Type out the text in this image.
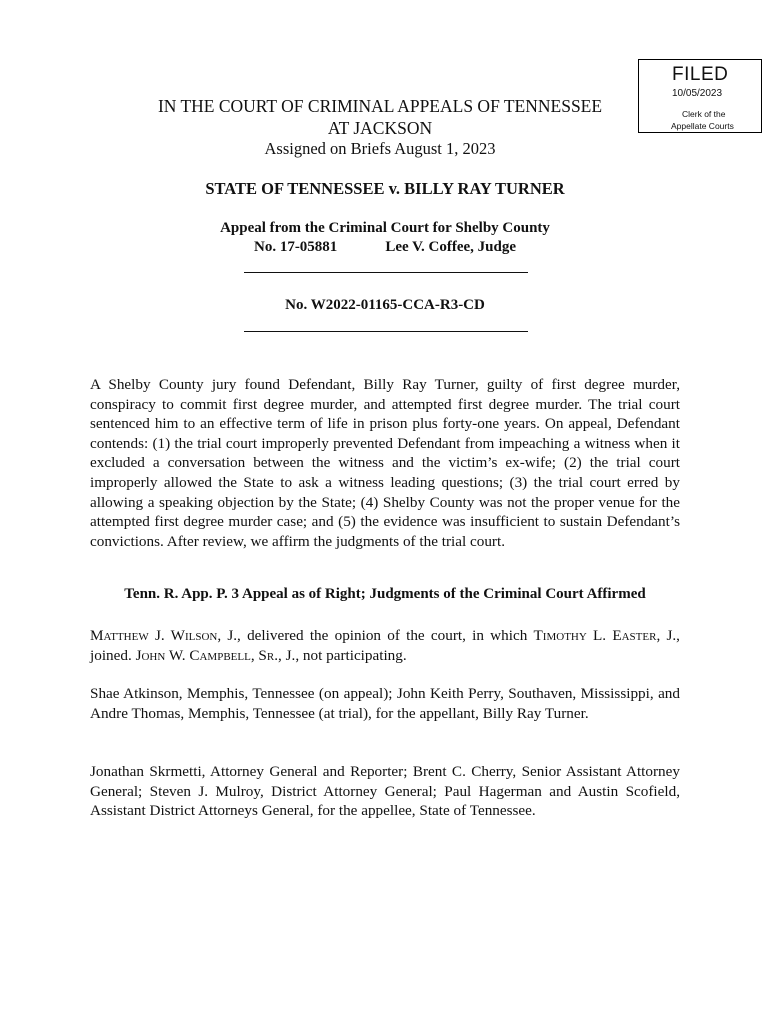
FILED
10/05/2023
Clerk of the
Appellate Courts
IN THE COURT OF CRIMINAL APPEALS OF TENNESSEE
AT JACKSON
Assigned on Briefs August 1, 2023
STATE OF TENNESSEE v. BILLY RAY TURNER
Appeal from the Criminal Court for Shelby County
No. 17-05881	Lee V. Coffee, Judge
No. W2022-01165-CCA-R3-CD

A Shelby County jury found Defendant, Billy Ray Turner, guilty of first degree murder, conspiracy to commit first degree murder, and attempted first degree murder. The trial court sentenced him to an effective term of life in prison plus forty-one years. On appeal, Defendant contends: (1) the trial court improperly prevented Defendant from impeaching a witness when it excluded a conversation between the witness and the victim’s ex-wife; (2) the trial court improperly allowed the State to ask a witness leading questions; (3) the trial court erred by allowing a speaking objection by the State; (4) Shelby County was not the proper venue for the attempted first degree murder case; and (5) the evidence was insufficient to sustain Defendant’s convictions. After review, we affirm the judgments of the trial court.

Tenn. R. App. P. 3 Appeal as of Right; Judgments of the Criminal Court Affirmed

Matthew J. Wilson, J., delivered the opinion of the court, in which Timothy L. Easter, J., joined. John W. Campbell, Sr., J., not participating.

Shae Atkinson, Memphis, Tennessee (on appeal); John Keith Perry, Southaven, Mississippi, and Andre Thomas, Memphis, Tennessee (at trial), for the appellant, Billy Ray Turner.

Jonathan Skrmetti, Attorney General and Reporter; Brent C. Cherry, Senior Assistant Attorney General; Steven J. Mulroy, District Attorney General; Paul Hagerman and Austin Scofield, Assistant District Attorneys General, for the appellee, State of Tennessee.
